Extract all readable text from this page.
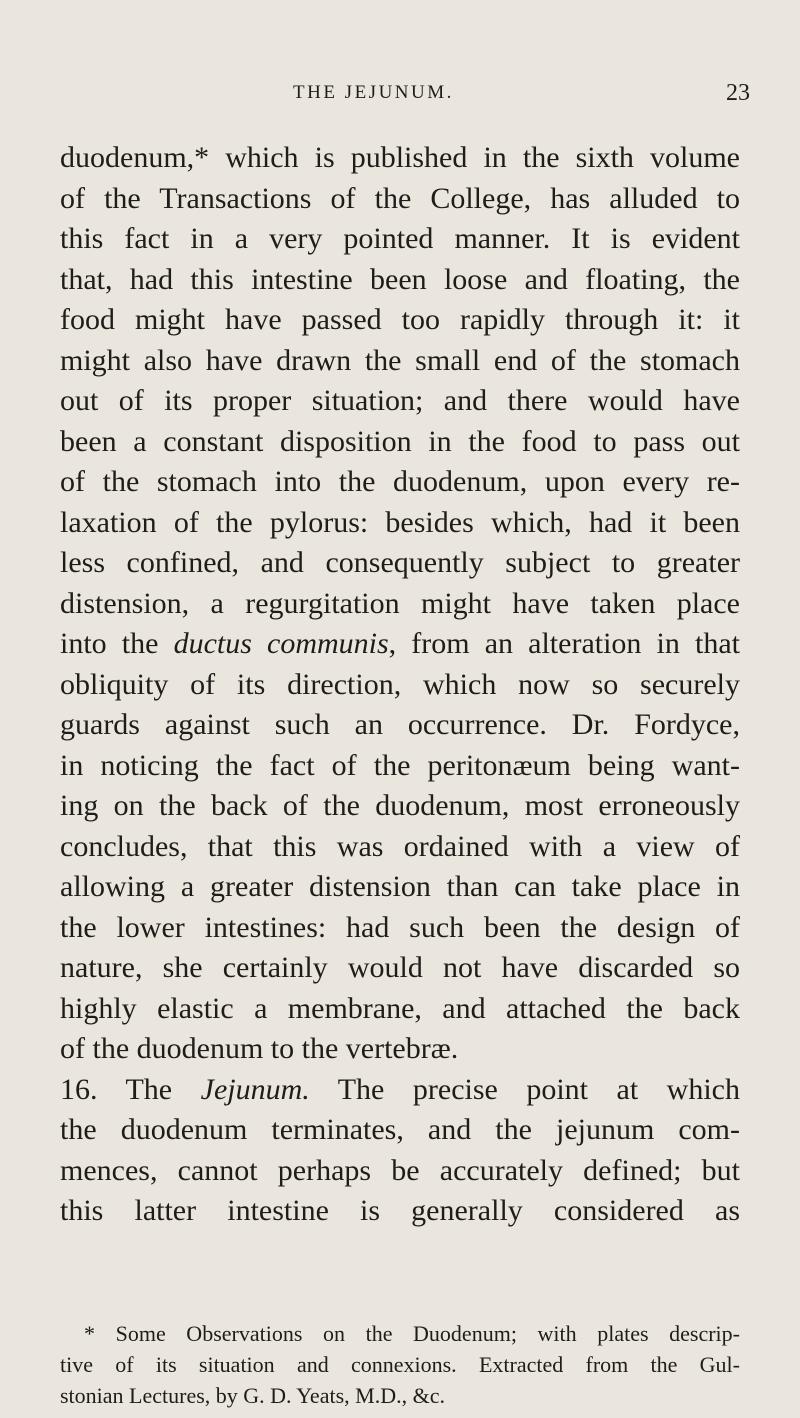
THE JEJUNUM.	23
duodenum,* which is published in the sixth volume
of the Transactions of the College, has alluded to
this fact in a very pointed manner. It is evident
that, had this intestine been loose and floating, the
food might have passed too rapidly through it: it
might also have drawn the small end of the stomach
out of its proper situation; and there would have
been a constant disposition in the food to pass out
of the stomach into the duodenum, upon every re-
laxation of the pylorus: besides which, had it been
less confined, and consequently subject to greater
distension, a regurgitation might have taken place
into the ductus communis, from an alteration in that
obliquity of its direction, which now so securely
guards against such an occurrence. Dr. Fordyce,
in noticing the fact of the peritonæum being want-
ing on the back of the duodenum, most erroneously
concludes, that this was ordained with a view of
allowing a greater distension than can take place in
the lower intestines: had such been the design of
nature, she certainly would not have discarded so
highly elastic a membrane, and attached the back
of the duodenum to the vertebræ.
16. The Jejunum. The precise point at which
the duodenum terminates, and the jejunum com-
mences, cannot perhaps be accurately defined; but
this latter intestine is generally considered as
* Some Observations on the Duodenum; with plates descrip-
tive of its situation and connexions. Extracted from the Gul-
stonian Lectures, by G. D. Yeats, M.D., &c.
